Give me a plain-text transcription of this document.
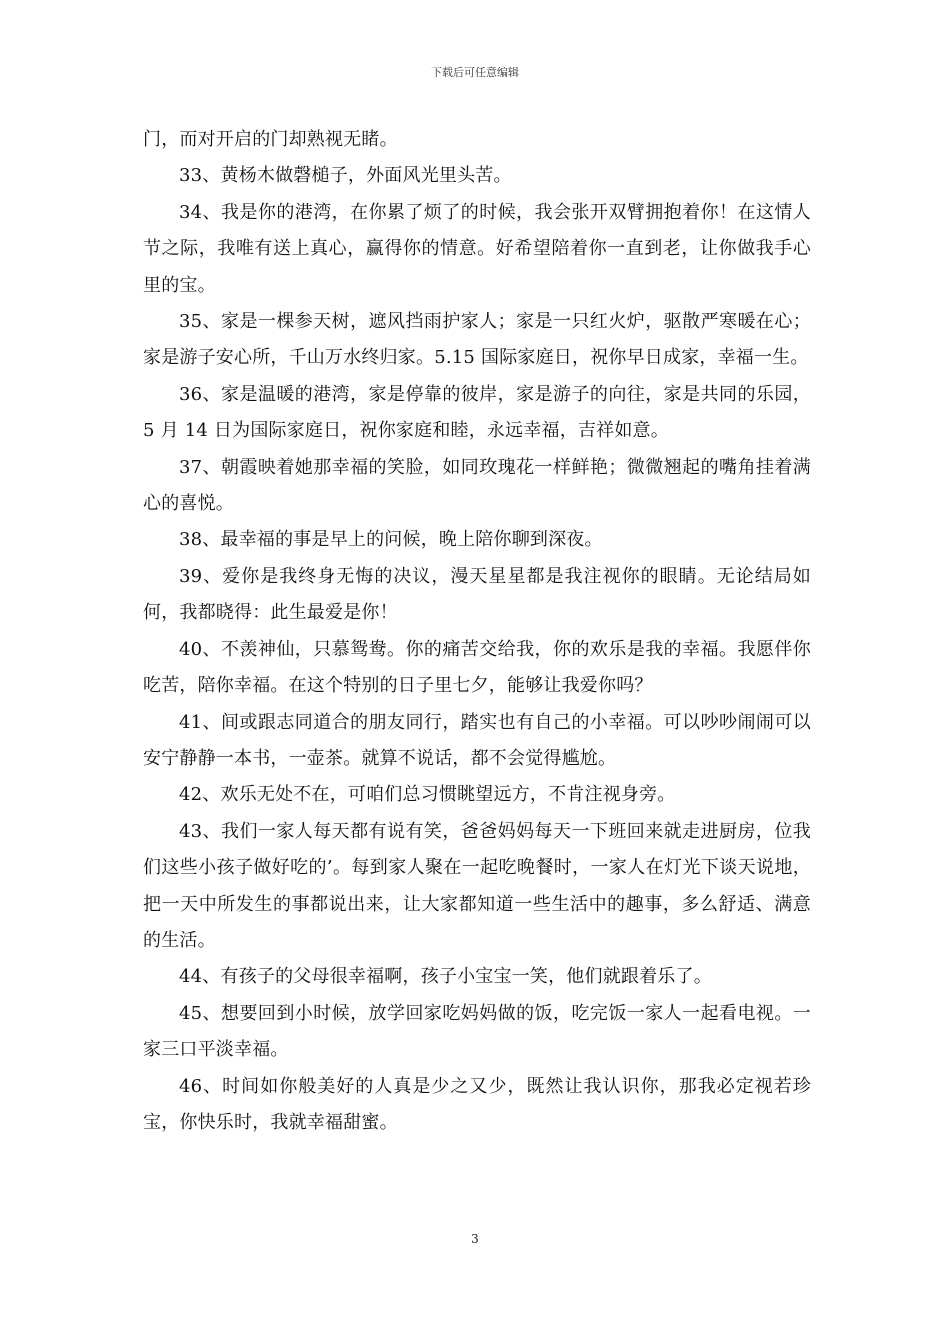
下载后可任意编辑

门，而对开启的门却熟视无睹。

33、黄杨木做磬槌子，外面风光里头苦。

34、我是你的港湾，在你累了烦了的时候，我会张开双臂拥抱着你！在这情人节之际，我唯有送上真心，赢得你的情意。好希望陪着你一直到老，让你做我手心里的宝。

35、家是一棵参天树，遮风挡雨护家人；家是一只红火炉，驱散严寒暖在心；家是游子安心所，千山万水终归家。5.15 国际家庭日，祝你早日成家，幸福一生。

36、家是温暖的港湾，家是停靠的彼岸，家是游子的向往，家是共同的乐园，5 月 14 日为国际家庭日，祝你家庭和睦，永远幸福，吉祥如意。

37、朝霞映着她那幸福的笑脸，如同玫瑰花一样鲜艳；微微翘起的嘴角挂着满心的喜悦。

38、最幸福的事是早上的问候，晚上陪你聊到深夜。

39、爱你是我终身无悔的决议，漫天星星都是我注视你的眼睛。无论结局如何，我都晓得：此生最爱是你！

40、不羡神仙，只慕鸳鸯。你的痛苦交给我，你的欢乐是我的幸福。我愿伴你吃苦，陪你幸福。在这个特别的日子里七夕，能够让我爱你吗？

41、间或跟志同道合的朋友同行，踏实也有自己的小幸福。可以吵吵闹闹可以安宁静静一本书，一壶茶。就算不说话，都不会觉得尴尬。

42、欢乐无处不在，可咱们总习惯眺望远方，不肯注视身旁。

43、我们一家人每天都有说有笑，爸爸妈妈每天一下班回来就走进厨房，位我们这些小孩子做好吃的’。每到家人聚在一起吃晚餐时，一家人在灯光下谈天说地，把一天中所发生的事都说出来，让大家都知道一些生活中的趣事，多么舒适、满意的生活。

44、有孩子的父母很幸福啊，孩子小宝宝一笑，他们就跟着乐了。

45、想要回到小时候，放学回家吃妈妈做的饭，吃完饭一家人一起看电视。一家三口平淡幸福。

46、时间如你般美好的人真是少之又少，既然让我认识你，那我必定视若珍宝，你快乐时，我就幸福甜蜜。

3
